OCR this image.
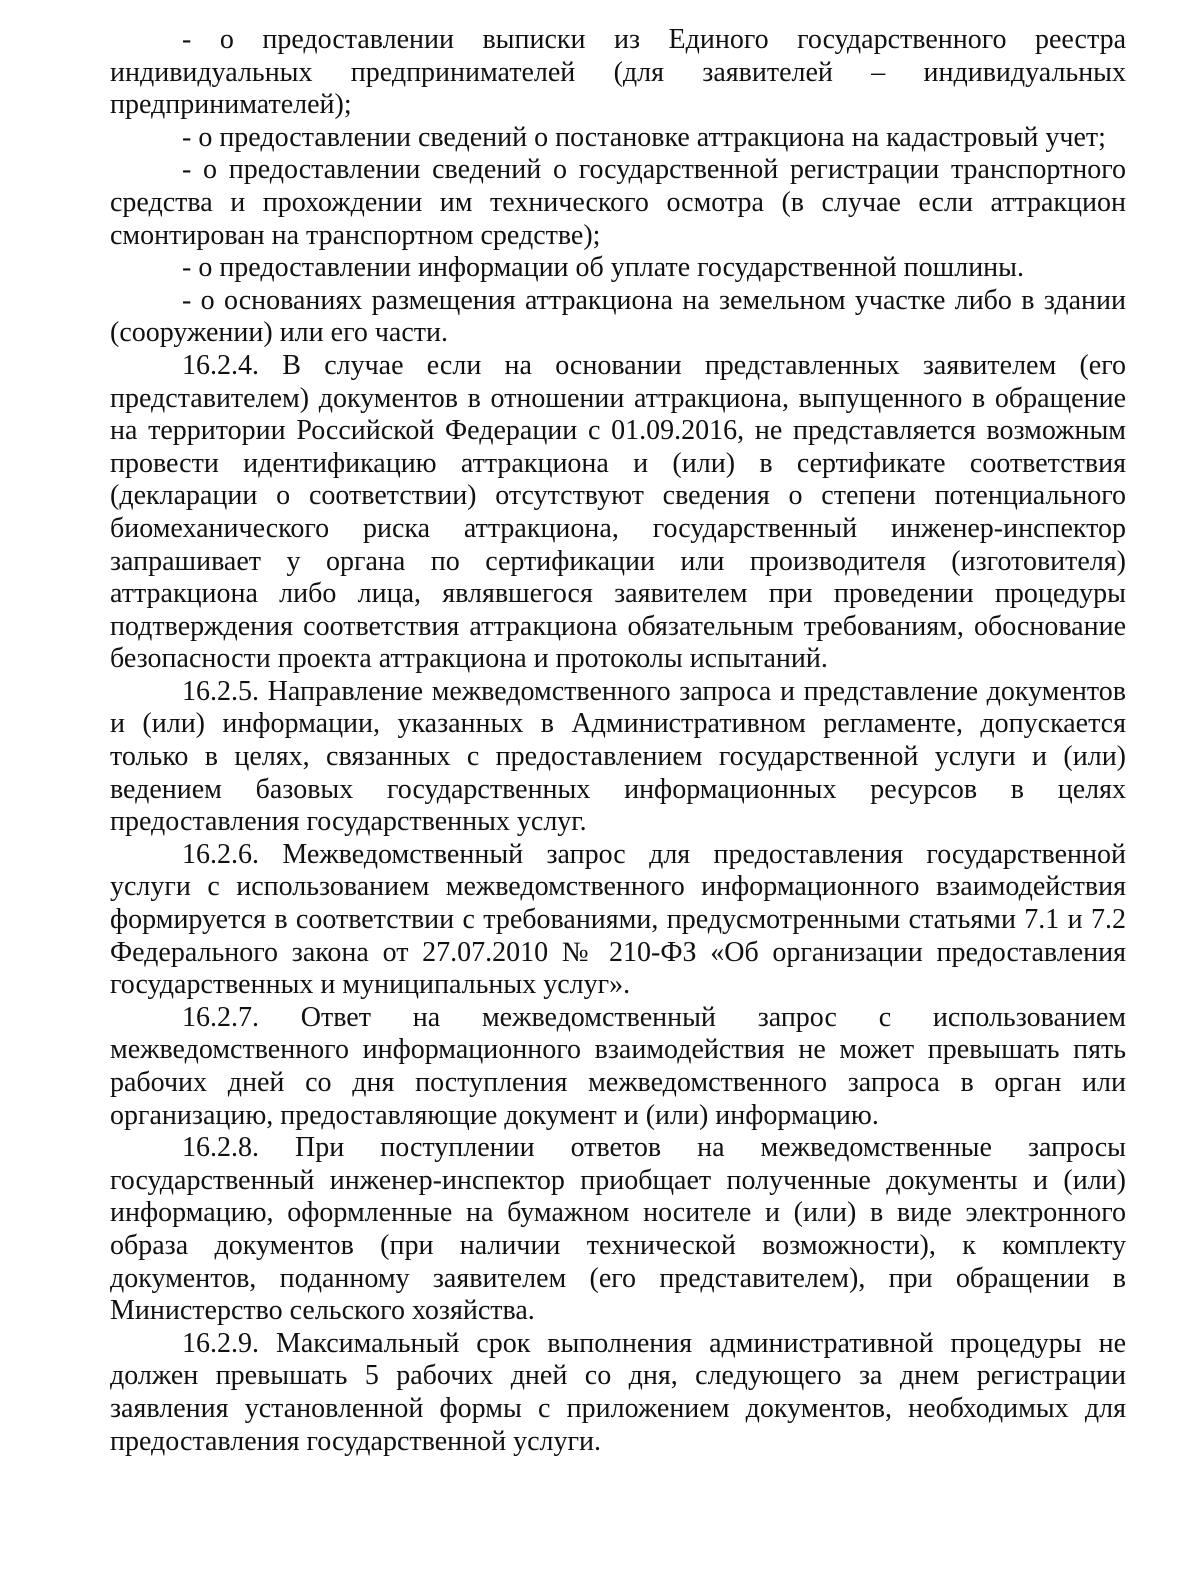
- о предоставлении выписки из Единого государственного реестра индивидуальных предпринимателей (для заявителей – индивидуальных предпринимателей);

- о предоставлении сведений о постановке аттракциона на кадастровый учет;

- о предоставлении сведений о государственной регистрации транспортного средства и прохождении им технического осмотра (в случае если аттракцион смонтирован на транспортном средстве);

- о предоставлении информации об уплате государственной пошлины.

- о основаниях размещения аттракциона на земельном участке либо в здании (сооружении) или его части.

16.2.4. В случае если на основании представленных заявителем (его представителем) документов в отношении аттракциона, выпущенного в обращение на территории Российской Федерации с 01.09.2016, не представляется возможным провести идентификацию аттракциона и (или) в сертификате соответствия (декларации о соответствии) отсутствуют сведения о степени потенциального биомеханического риска аттракциона, государственный инженер-инспектор запрашивает у органа по сертификации или производителя (изготовителя) аттракциона либо лица, являвшегося заявителем при проведении процедуры подтверждения соответствия аттракциона обязательным требованиям, обоснование безопасности проекта аттракциона и протоколы испытаний.

16.2.5. Направление межведомственного запроса и представление документов и (или) информации, указанных в Административном регламенте, допускается только в целях, связанных с предоставлением государственной услуги и (или) ведением базовых государственных информационных ресурсов в целях предоставления государственных услуг.

16.2.6. Межведомственный запрос для предоставления государственной услуги с использованием межведомственного информационного взаимодействия формируется в соответствии с требованиями, предусмотренными статьями 7.1 и 7.2 Федерального закона от 27.07.2010 № 210-ФЗ «Об организации предоставления государственных и муниципальных услуг».

16.2.7. Ответ на межведомственный запрос с использованием межведомственного информационного взаимодействия не может превышать пять рабочих дней со дня поступления межведомственного запроса в орган или организацию, предоставляющие документ и (или) информацию.

16.2.8. При поступлении ответов на межведомственные запросы государственный инженер-инспектор приобщает полученные документы и (или) информацию, оформленные на бумажном носителе и (или) в виде электронного образа документов (при наличии технической возможности), к комплекту документов, поданному заявителем (его представителем), при обращении в Министерство сельского хозяйства.

16.2.9. Максимальный срок выполнения административной процедуры не должен превышать 5 рабочих дней со дня, следующего за днем регистрации заявления установленной формы с приложением документов, необходимых для предоставления государственной услуги.
